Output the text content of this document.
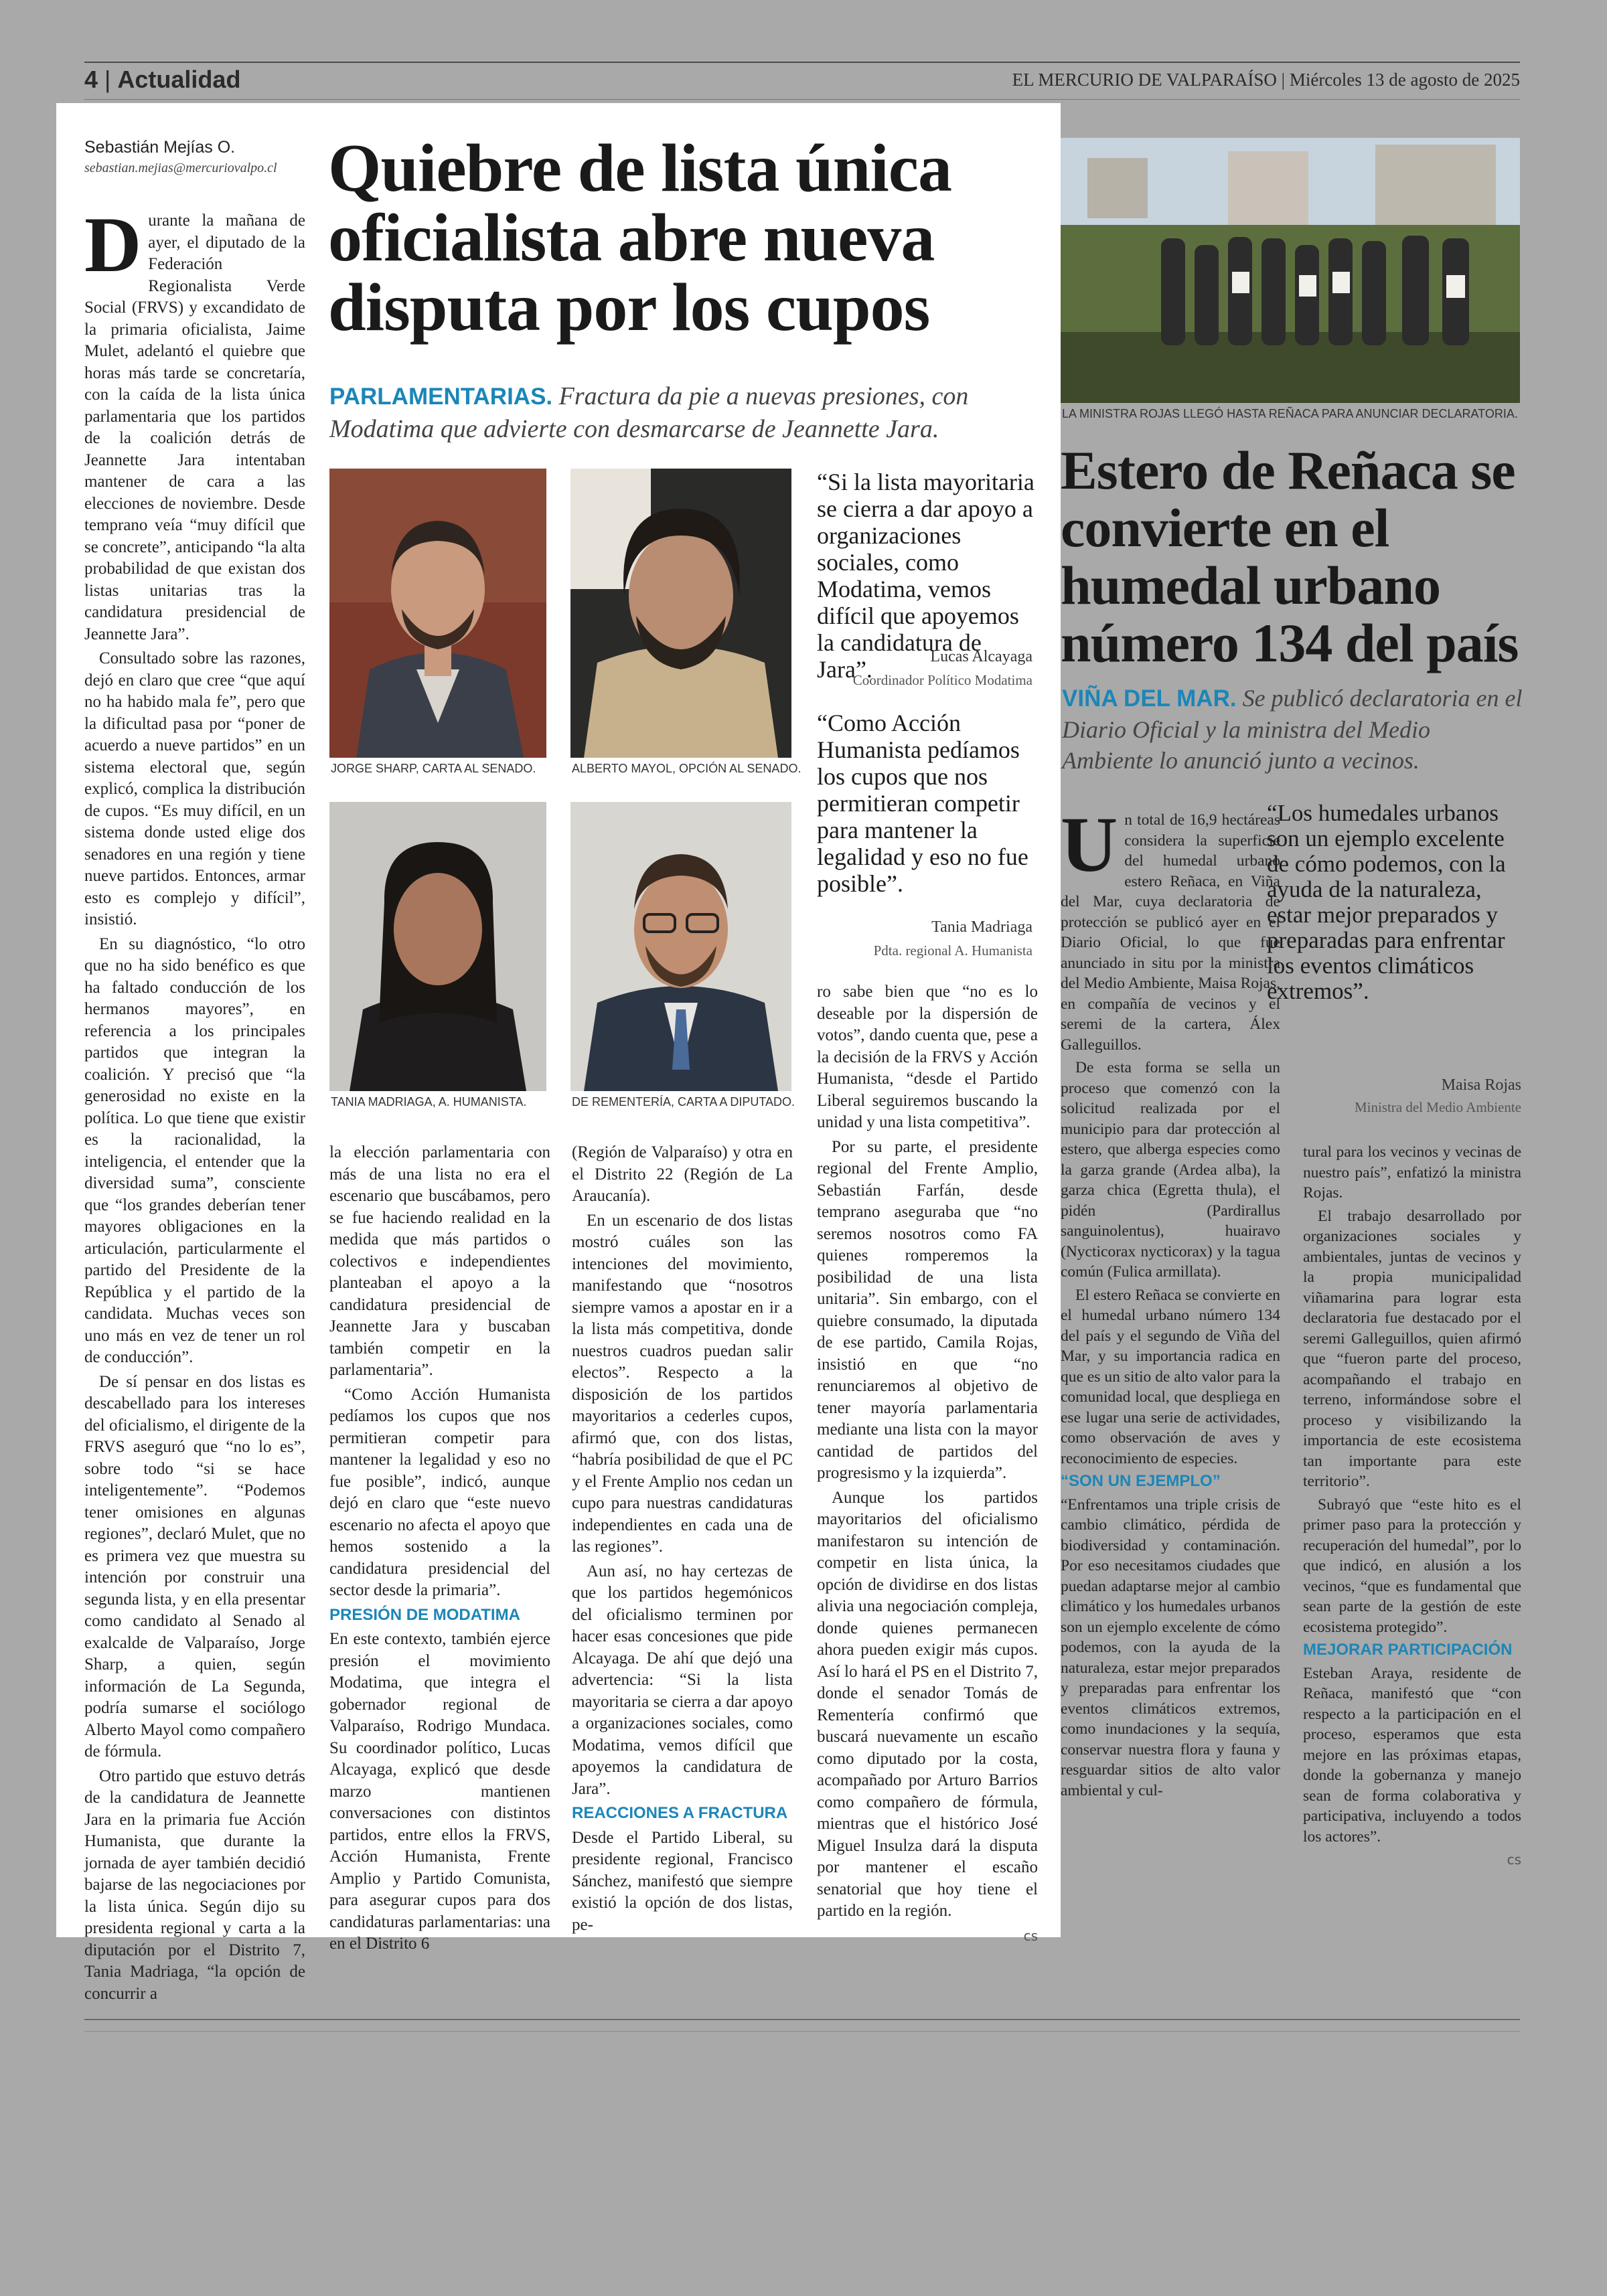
4 | Actualidad	EL MERCURIO DE VALPARAÍSO | Miércoles 13 de agosto de 2025
Sebastián Mejías O.
sebastian.mejias@mercuriovalpo.cl Quiebre de lista única oficialista abre nueva disputa por los cupos
PARLAMENTARIAS. Fractura da pie a nuevas presiones, con Modatima que advierte con desmarcarse de Jeannette Jara.
JORGE SHARP, CARTA AL SENADO.	ALBERTO MAYOL, OPCIÓN AL SENADO.
TANIA MADRIAGA, A. HUMANISTA.	DE REMENTERÍA, CARTA A DIPUTADO.
“Si la lista mayoritaria se cierra a dar apoyo a organizaciones sociales, como Modatima, vemos difícil que apoyemos la candidatura de Jara”.	Lucas Alcayaga
Coordinador Político Modatima
“Como Acción Humanista pedíamos los cupos que nos permitieran competir para mantener la legalidad y eso no fue posible”.
Tania Madriaga
Pdta. regional A. Humanista

Durante la mañana de ayer, el diputado de la Federación Regionalista Verde Social (FRVS) y excandidato de la primaria oficialista, Jaime Mulet, adelantó el quiebre que horas más tarde se concretaría, con la caída de la lista única parlamentaria que los partidos de la coalición detrás de Jeannette Jara intentaban mantener de cara a las elecciones de noviembre. Desde temprano veía “muy difícil que se concrete”, anticipando “la alta probabilidad de que existan dos listas unitarias tras la candidatura presidencial de Jeannette Jara”.

Consultado sobre las razones, dejó en claro que cree “que aquí no ha habido mala fe”, pero que la dificultad pasa por “poner de acuerdo a nueve partidos” en un sistema electoral que, según explicó, complica la distribución de cupos. “Es muy difícil, en un sistema donde usted elige dos senadores en una región y tiene nueve partidos. Entonces, armar esto es complejo y difícil”, insistió.

En su diagnóstico, “lo otro que no ha sido benéfico es que ha faltado conducción de los hermanos mayores”, en referencia a los principales partidos que integran la coalición. Y precisó que “la generosidad no existe en la política. Lo que tiene que existir es la racionalidad, la inteligencia, el entender que la diversidad suma”, consciente que “los grandes deberían tener mayores obligaciones en la articulación, particularmente el partido del Presidente de la República y el partido de la candidata. Muchas veces son uno más en vez de tener un rol de conducción”.

De sí pensar en dos listas es descabellado para los intereses del oficialismo, el dirigente de la FRVS aseguró que “no lo es”, sobre todo “si se hace inteligentemente”. “Podemos tener omisiones en algunas regiones”, declaró Mulet, que no es primera vez que muestra su intención por construir una segunda lista, y en ella presentar como candidato al Senado al exalcalde de Valparaíso, Jorge Sharp, a quien, según información de La Segunda, podría sumarse el sociólogo Alberto Mayol como compañero de fórmula.

Otro partido que estuvo detrás de la candidatura de Jeannette Jara en la primaria fue Acción Humanista, que durante la jornada de ayer también decidió bajarse de las negociaciones por la lista única. Según dijo su presidenta regional y carta a la diputación por el Distrito 7, Tania Madriaga, “la opción de concurrir a

la elección parlamentaria con más de una lista no era el escenario que buscábamos, pero se fue haciendo realidad en la medida que más partidos o colectivos e independientes planteaban el apoyo a la candidatura presidencial de Jeannette Jara y buscaban también competir en la parlamentaria”.

“Como Acción Humanista pedíamos los cupos que nos permitieran competir para mantener la legalidad y eso no fue posible”, indicó, aunque dejó en claro que “este nuevo escenario no afecta el apoyo que hemos sostenido a la candidatura presidencial del sector desde la primaria”.

PRESIÓN DE MODATIMA

En este contexto, también ejerce presión el movimiento Modatima, que integra el gobernador regional de Valparaíso, Rodrigo Mundaca. Su coordinador político, Lucas Alcayaga, explicó que desde marzo mantienen conversaciones con distintos partidos, entre ellos la FRVS, Acción Humanista, Frente Amplio y Partido Comunista, para asegurar cupos para dos candidaturas parlamentarias: una en el Distrito 6

(Región de Valparaíso) y otra en el Distrito 22 (Región de La Araucanía).

En un escenario de dos listas mostró cuáles son las intenciones del movimiento, manifestando que “nosotros siempre vamos a apostar en ir a la lista más competitiva, donde nuestros cuadros puedan salir electos”. Respecto a la disposición de los partidos mayoritarios a cederles cupos, afirmó que, con dos listas, “habría posibilidad de que el PC y el Frente Amplio nos cedan un cupo para nuestras candidaturas independientes en cada una de las regiones”.

Aun así, no hay certezas de que los partidos hegemónicos del oficialismo terminen por hacer esas concesiones que pide Alcayaga. De ahí que dejó una advertencia: “Si la lista mayoritaria se cierra a dar apoyo a organizaciones sociales, como Modatima, vemos difícil que apoyemos la candidatura de Jara”.

REACCIONES A FRACTURA

Desde el Partido Liberal, su presidente regional, Francisco Sánchez, manifestó que siempre existió la opción de dos listas, pe-

ro sabe bien que “no es lo deseable por la dispersión de votos”, dando cuenta que, pese a la decisión de la FRVS y Acción Humanista, “desde el Partido Liberal seguiremos buscando la unidad y una lista competitiva”.

Por su parte, el presidente regional del Frente Amplio, Sebastián Farfán, desde temprano aseguraba que “no seremos nosotros como FA quienes romperemos la posibilidad de una lista unitaria”. Sin embargo, con el quiebre consumado, la diputada de ese partido, Camila Rojas, insistió en que “no renunciaremos al objetivo de tener mayoría parlamentaria mediante una lista con la mayor cantidad de partidos del progresismo y la izquierda”.

Aunque los partidos mayoritarios del oficialismo manifestaron su intención de competir en lista única, la opción de dividirse en dos listas alivia una negociación compleja, donde quienes permanecen ahora pueden exigir más cupos. Así lo hará el PS en el Distrito 7, donde el senador Tomás de Rementería confirmó que buscará nuevamente un escaño como diputado por la costa, acompañado por Arturo Barrios como compañero de fórmula, mientras que el histórico José Miguel Insulza dará la disputa por mantener el escaño senatorial que hoy tiene el partido en la región.

cs

LA MINISTRA ROJAS LLEGÓ HASTA REÑACA PARA ANUNCIAR DECLARATORIA.
Estero de Reñaca se convierte en el humedal urbano número 134 del país
VIÑA DEL MAR. Se publicó declaratoria en el Diario Oficial y la ministra del Medio Ambiente lo anunció junto a vecinos.
“Los humedales urbanos son un ejemplo excelente de cómo podemos, con la ayuda de la naturaleza, estar mejor preparados y preparadas para enfrentar los eventos climáticos extremos”.
Maisa Rojas
Ministra del Medio Ambiente

Un total de 16,9 hectáreas considera la superficie del humedal urbano estero Reñaca, en Viña del Mar, cuya declaratoria de protección se publicó ayer en el Diario Oficial, lo que fue anunciado in situ por la ministra del Medio Ambiente, Maisa Rojas, en compañía de vecinos y el seremi de la cartera, Álex Galleguillos.

De esta forma se sella un proceso que comenzó con la solicitud realizada por el municipio para dar protección al estero, que alberga especies como la garza grande (Ardea alba), la garza chica (Egretta thula), el pidén (Pardirallus sanguinolentus), huairavo (Nycticorax nycticorax) y la tagua común (Fulica armillata).

El estero Reñaca se convierte en el humedal urbano número 134 del país y el segundo de Viña del Mar, y su importancia radica en que es un sitio de alto valor para la comunidad local, que despliega en ese lugar una serie de actividades, como observación de aves y reconocimiento de especies.

“SON UN EJEMPLO”

“Enfrentamos una triple crisis de cambio climático, pérdida de biodiversidad y contaminación. Por eso necesitamos ciudades que puedan adaptarse mejor al cambio climático y los humedales urbanos son un ejemplo excelente de cómo podemos, con la ayuda de la naturaleza, estar mejor preparados y preparadas para enfrentar los eventos climáticos extremos, como inundaciones y la sequía, conservar nuestra flora y fauna y resguardar sitios de alto valor ambiental y cul-

tural para los vecinos y vecinas de nuestro país”, enfatizó la ministra Rojas.

El trabajo desarrollado por organizaciones sociales y ambientales, juntas de vecinos y la propia municipalidad viñamarina para lograr esta declaratoria fue destacado por el seremi Galleguillos, quien afirmó que “fueron parte del proceso, acompañando el trabajo en terreno, informándose sobre el proceso y visibilizando la importancia de este ecosistema tan importante para este territorio”.

Subrayó que “este hito es el primer paso para la protección y recuperación del humedal”, por lo que indicó, en alusión a los vecinos, “que es fundamental que sean parte de la gestión de este ecosistema protegido”.

MEJORAR PARTICIPACIÓN

Esteban Araya, residente de Reñaca, manifestó que “con respecto a la participación en el proceso, esperamos que esta mejore en las próximas etapas, donde la gobernanza y manejo sean de forma colaborativa y participativa, incluyendo a todos los actores”.

cs
